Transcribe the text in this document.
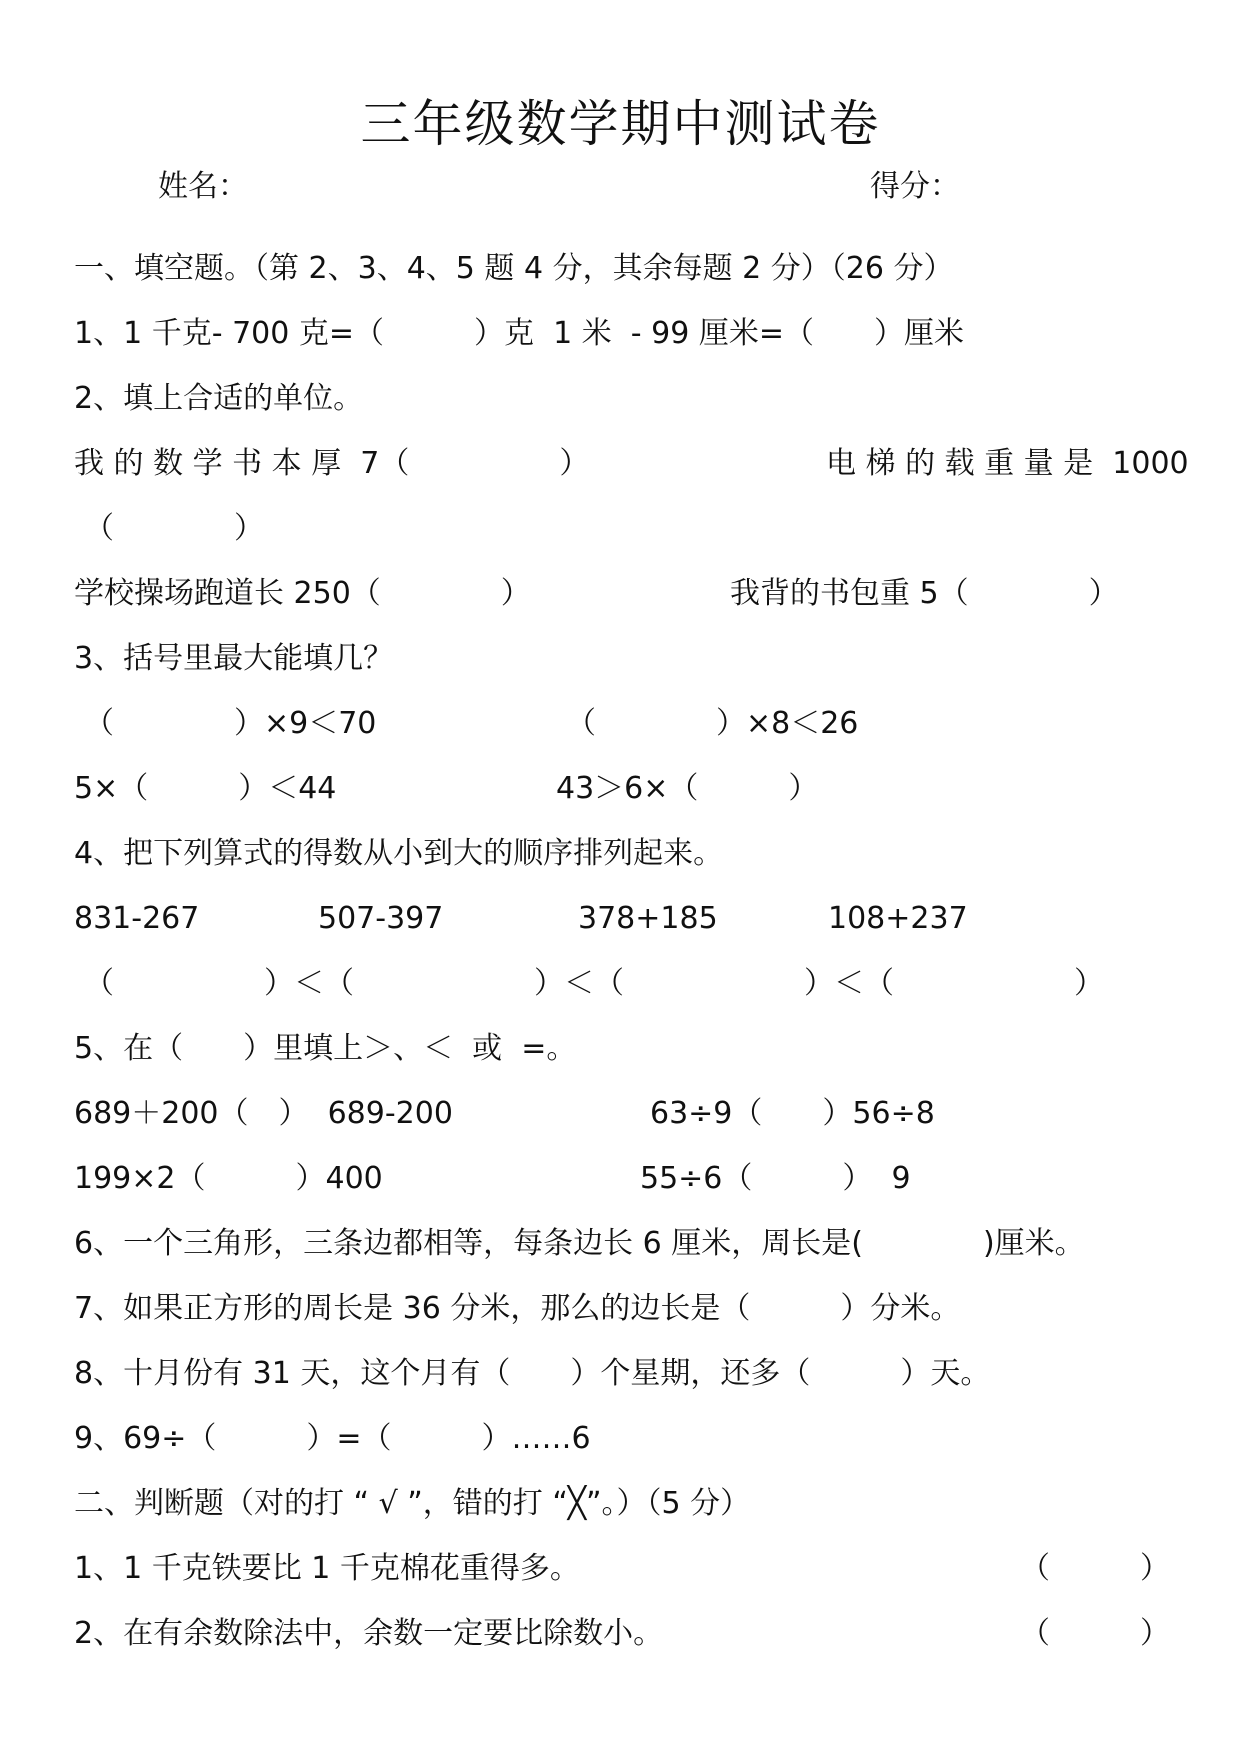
三年级数学期中测试卷
姓名：	得分：
一、填空题。（第 2、3、4、5 题 4 分，其余每题 2 分）（26 分）
1、1 千克- 700 克=（　　　）克  1 米  - 99 厘米=（　　）厘米
2、填上合适的单位。
我 的 数 学 书 本 厚  7（　　　　　）	电 梯 的 载 重 量 是  1000
（　　　　）
学校操场跑道长 250（　　　　）	我背的书包重 5（　　　　）
3、括号里最大能填几？
（　　　　）×9＜70	（　　　　）×8＜26
5×（　　　）＜44	43＞6×（　　　）
4、把下列算式的得数从小到大的顺序排列起来。
831-267	507-397	378+185	108+237
（　　　　　）＜（　　　　　　）＜（　　　　　　）＜（　　　　　　）
5、在（　　）里填上＞、＜  或  =。
689＋200（　）  689-200	63÷9（　　）56÷8
199×2（　　　）400	55÷6（　　　）  9
6、一个三角形，三条边都相等，每条边长 6 厘米，周长是(　　　　)厘米。
7、如果正方形的周长是 36 分米，那么的边长是（　　　）分米。
8、十月份有 31 天，这个月有（　　）个星期，还多（　　　）天。
9、69÷（　　　）=（　　　）……6
二、判断题（对的打 “ √ ”，错的打 “╳”。）（5 分）
1、1 千克铁要比 1 千克棉花重得多。	（　　　）
2、在有余数除法中，余数一定要比除数小。	（　　　）
